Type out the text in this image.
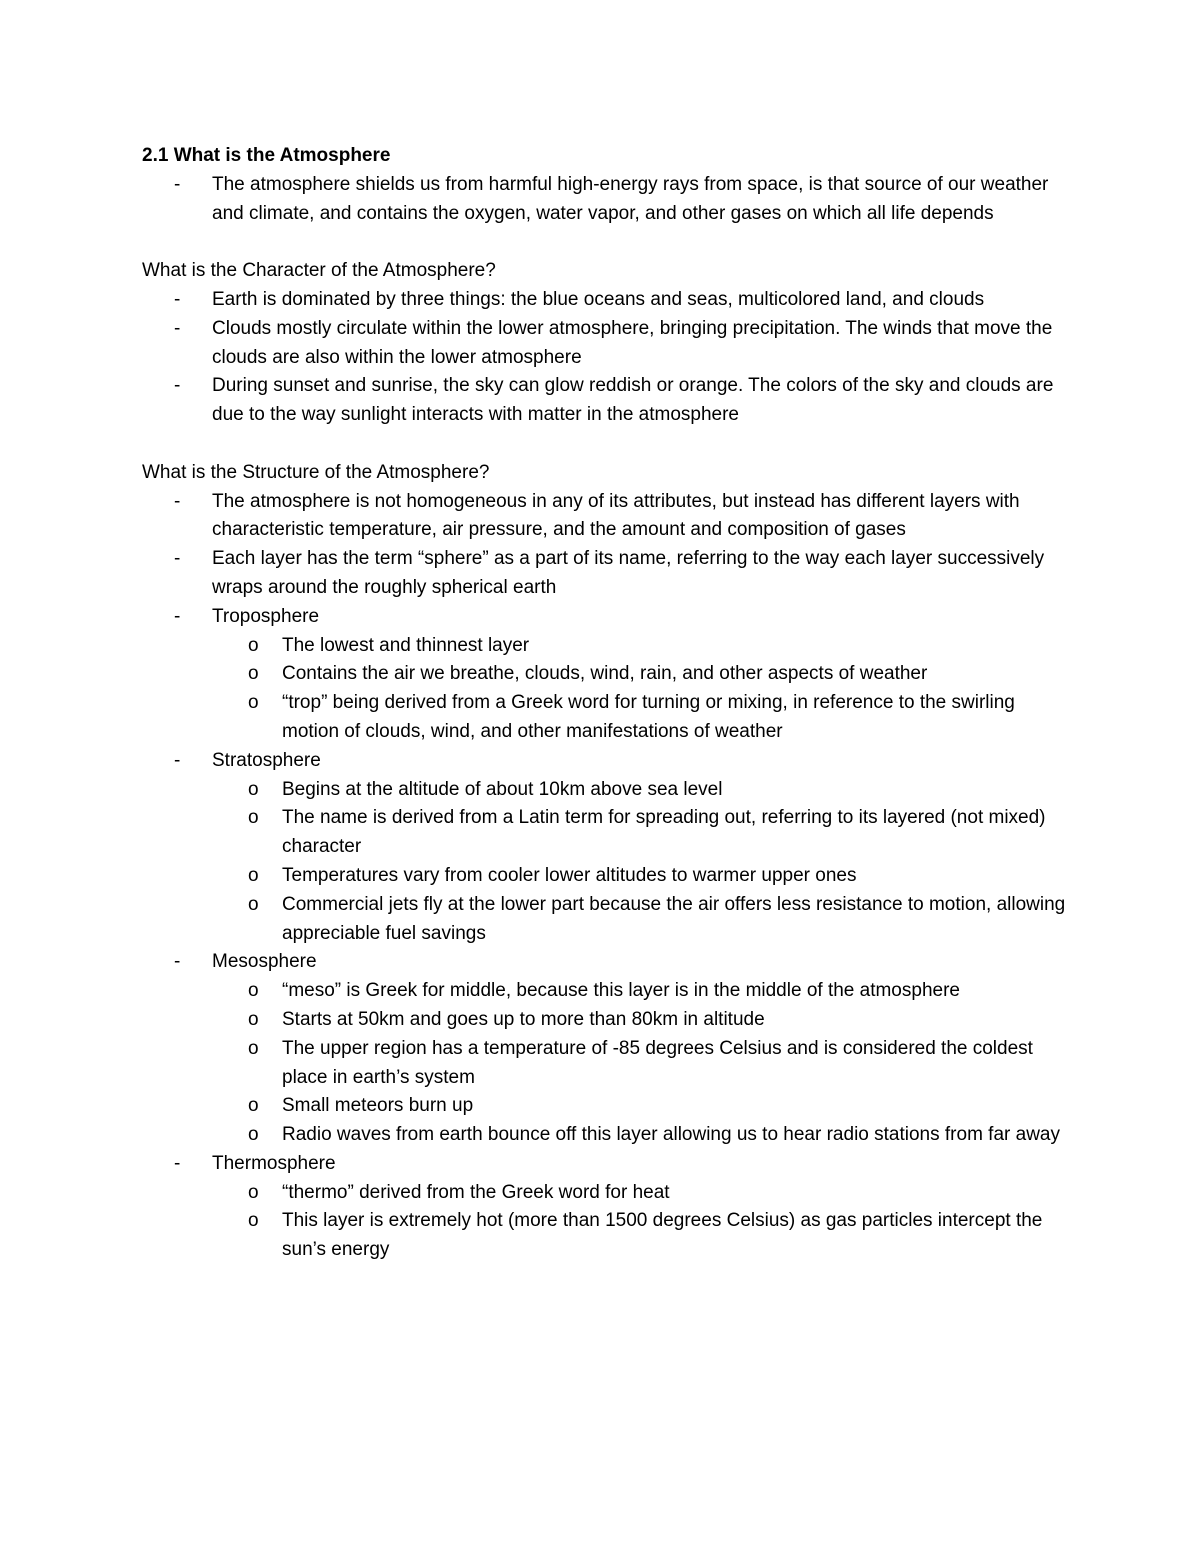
2.1 What is the Atmosphere

- The atmosphere shields us from harmful high-energy rays from space, is that source of our weather and climate, and contains the oxygen, water vapor, and other gases on which all life depends

What is the Character of the Atmosphere?

- Earth is dominated by three things: the blue oceans and seas, multicolored land, and clouds
- Clouds mostly circulate within the lower atmosphere, bringing precipitation. The winds that move the clouds are also within the lower atmosphere
- During sunset and sunrise, the sky can glow reddish or orange. The colors of the sky and clouds are due to the way sunlight interacts with matter in the atmosphere

What is the Structure of the Atmosphere?

- The atmosphere is not homogeneous in any of its attributes, but instead has different layers with characteristic temperature, air pressure, and the amount and composition of gases
- Each layer has the term “sphere” as a part of its name, referring to the way each layer successively wraps around the roughly spherical earth
- Troposphere
o The lowest and thinnest layer
o Contains the air we breathe, clouds, wind, rain, and other aspects of weather
o “trop” being derived from a Greek word for turning or mixing, in reference to the swirling motion of clouds, wind, and other manifestations of weather
- Stratosphere
o Begins at the altitude of about 10km above sea level
o The name is derived from a Latin term for spreading out, referring to its layered (not mixed) character
o Temperatures vary from cooler lower altitudes to warmer upper ones
o Commercial jets fly at the lower part because the air offers less resistance to motion, allowing appreciable fuel savings
- Mesosphere
o “meso” is Greek for middle, because this layer is in the middle of the atmosphere
o Starts at 50km and goes up to more than 80km in altitude
o The upper region has a temperature of -85 degrees Celsius and is considered the coldest place in earth’s system
o Small meteors burn up
o Radio waves from earth bounce off this layer allowing us to hear radio stations from far away
- Thermosphere
o “thermo” derived from the Greek word for heat
o This layer is extremely hot (more than 1500 degrees Celsius) as gas particles intercept the sun’s energy
